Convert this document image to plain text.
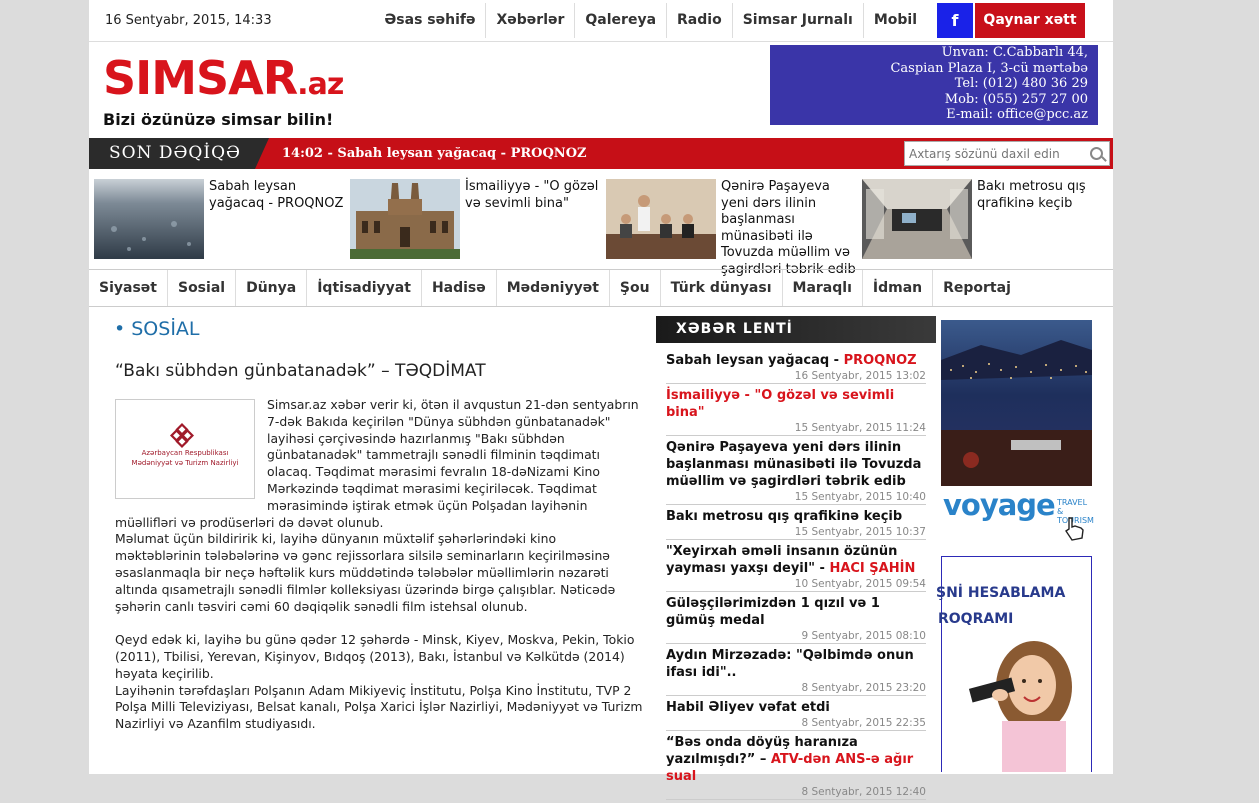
16 Sentyabr, 2015, 14:33	Əsas səhifə	Xəbərlər	Qalereya	Radio	Simsar Jurnalı	Mobil	f	Qaynar xətt
SIMSAR.az
Bizi özünüzə simsar bilin!
Ünvan: C.Cabbarlı 44,
Caspian Plaza I, 3-cü mərtəbə
Tel: (012) 480 36 29
Mob: (055) 257 27 00
E-mail: office@pcc.az
SON DƏQİQƏ	14:02 - Sabah leysan yağacaq - PROQNOZ
Axtarış sözünü daxil edin
Sabah leysan yağacaq - PROQNOZ
İsmailiyyə - "O gözəl və sevimli bina"
Qənirə Paşayeva yeni dərs ilinin başlanması münasibəti ilə Tovuzda müəllim və şagirdləri təbrik edib
Bakı metrosu qış qrafikinə keçib
Siyasət	Sosial	Dünya	İqtisadiyyat	Hadisə	Mədəniyyət	Şou	Türk dünyası	Maraqlı	İdman	Reportaj
• SOSİAL
“Bakı sübhdən günbatanadək” – TƏQDİMAT

Simsar.az xəbər verir ki, ötən il avqustun 21-dən sentyabrın 7-dək Bakıda keçirilən "Dünya sübhdən günbatanadək" layihəsi çərçivəsində hazırlanmış "Bakı sübhdən günbatanadək" tammetrajlı sənədli filminin təqdimatı olacaq. Təqdimat mərasimi fevralın 18-dəNizami Kino Mərkəzində təqdimat mərasimi keçiriləcək. Təqdimat mərasimində iştirak etmək üçün Polşadan layihənin müəllifləri və prodüserləri də dəvət olunub.

Məlumat üçün bildiririk ki, layihə dünyanın müxtəlif şəhərlərindəki kino məktəblərinin tələbələrinə və gənc rejissorlara silsilə seminarların keçirilməsinə əsaslanmaqla bir neçə həftəlik kurs müddətində tələbələr müəllimlərin nəzarəti altında qısametrajlı sənədli filmlər kolleksiyası üzərində birgə çalışıblar. Nəticədə şəhərin canlı təsviri cəmi 60 dəqiqəlik sənədli film istehsal olunub.

Qeyd edək ki, layihə bu günə qədər 12 şəhərdə - Minsk, Kiyev, Moskva, Pekin, Tokio (2011), Tbilisi, Yerevan, Kişinyov, Bıdqoş (2013), Bakı, İstanbul və Kəlkütdə (2014) həyata keçirilib.

Layihənin tərəfdaşları Polşanın Adam Mikiyeviç İnstitutu, Polşa Kino İnstitutu, TVP 2 Polşa Milli Televiziyası, Belsat kanalı, Polşa Xarici İşlər Nazirliyi, Mədəniyyət və Turizm Nazirliyi və Azanfilm studiyasıdı.

Azərbaycan Respublikası
Mədəniyyət və Turizm Nazirliyi
XƏBƏR LENTİ
Sabah leysan yağacaq - PROQNOZ
16 Sentyabr, 2015 13:02
İsmailiyyə - "O gözəl və sevimli bina"
15 Sentyabr, 2015 11:24
Qənirə Paşayeva yeni dərs ilinin başlanması münasibəti ilə Tovuzda müəllim və şagirdləri təbrik edib
15 Sentyabr, 2015 10:40
Bakı metrosu qış qrafikinə keçib
15 Sentyabr, 2015 10:37
"Xeyirxah əməli insanın özünün yayması yaxşı deyil" - HACI ŞAHİN
10 Sentyabr, 2015 09:54
Güləşçilərimizdən 1 qızıl və 1 gümüş medal
9 Sentyabr, 2015 08:10
Aydın Mirzəzadə: "Qəlbimdə onun ifası idi"..
8 Sentyabr, 2015 23:20
Habil Əliyev vəfat etdi
8 Sentyabr, 2015 22:35
“Bəs onda döyüş haranıza yazılmışdı?” – ATV-dən ANS-ə ağır sual
8 Sentyabr, 2015 12:40
voyage TRAVEL &
TOURISM
ŞNİ HESABLAMA
ROQRAMI
